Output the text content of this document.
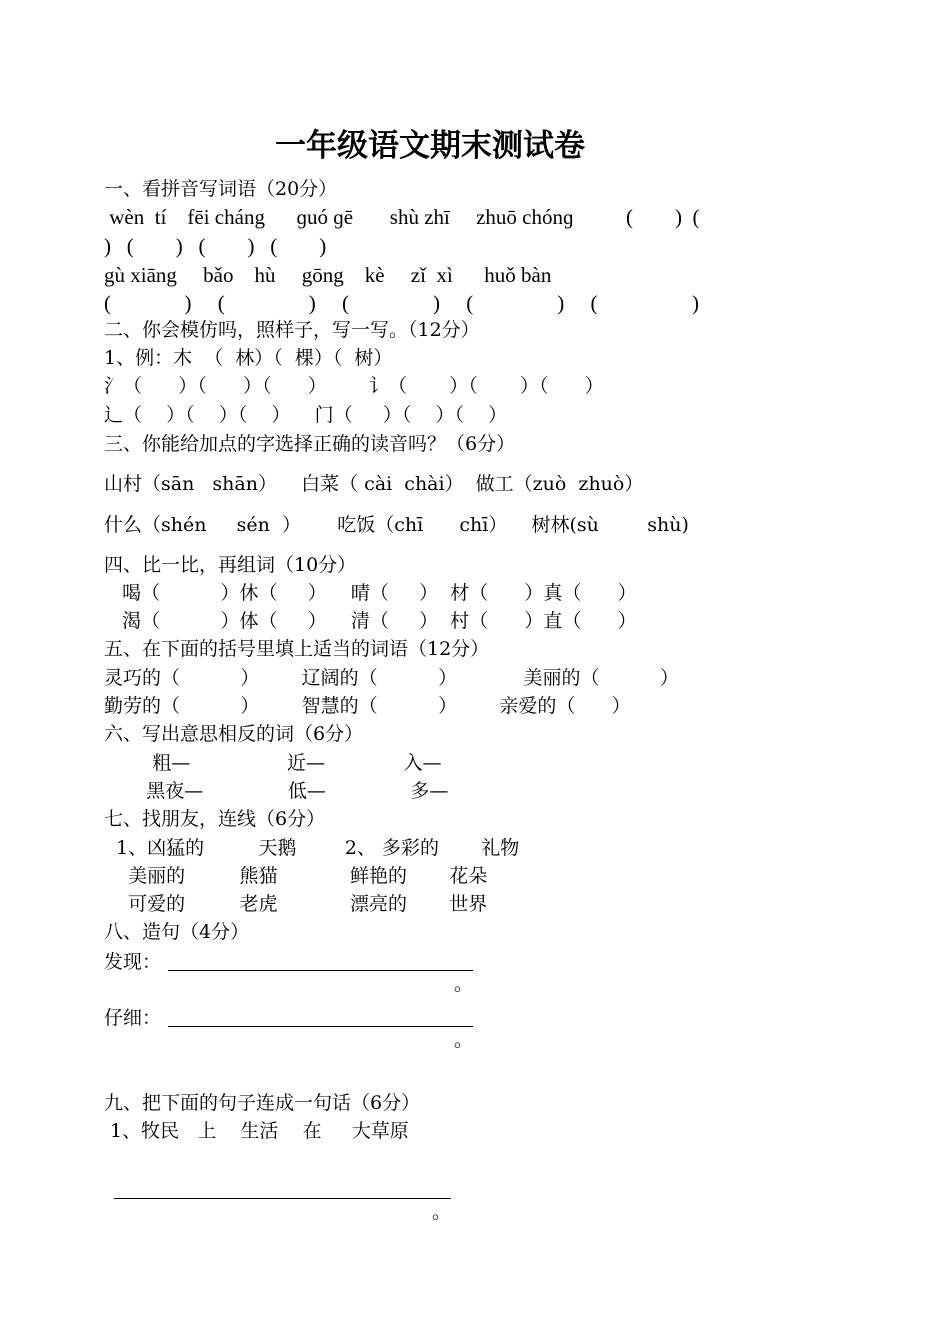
一年级语文期末测试卷
一、看拼音写词语（20分）
wèn  tí    fēi cháng      ɡuó ɡē       shù zhī     zhuō chónɡ          (        )  (
)   (        )   (        )   (        )
gù xiāng     bǎo    hù     gōng    kè     zǐ  xì      huǒ bàn
(              )     (                )     (                )     (                )     (                  )
二、你会模仿吗，照样子，写一写。（12分）
1、例：木  （  林）（  棵）（  树）
氵（      ）（      ）（      ）       讠（       ）（       ）（      ）
辶（    ）（    ）（    ）    门（     ）（    ）（    ）
三、你能给加点的字选择正确的读音吗？（6分）
山村（sān   shān）    白菜（ cài  chài）  做工（zuò  zhuò）
什么（shén     sén  ）      吃饭（chī      chī）    树林(sù        shù)
四、比一比，再组词（10分）
喝（          ）休（     ）    晴（     ）  材（      ）真（      ）
渴（          ）体（     ）    清（     ）  村（      ）直（      ）
五、在下面的括号里填上适当的词语（12分）
灵巧的（          ）       辽阔的（          ）           美丽的（          ）
勤劳的（          ）       智慧的（          ）       亲爱的（      ）
六、写出意思相反的词（6分）
粗—                近—             入—
黑夜—              低—              多—
七、找朋友，连线（6分）
1、凶猛的         天鹅        2、 多彩的       礼物
美丽的         熊猫            鲜艳的       花朵
可爱的         老虎            漂亮的       世界
八、造句（4分）
发现：

。

仔细：

。

九、把下面的句子连成一句话（6分）
1、牧民   上    生活    在     大草原

。
